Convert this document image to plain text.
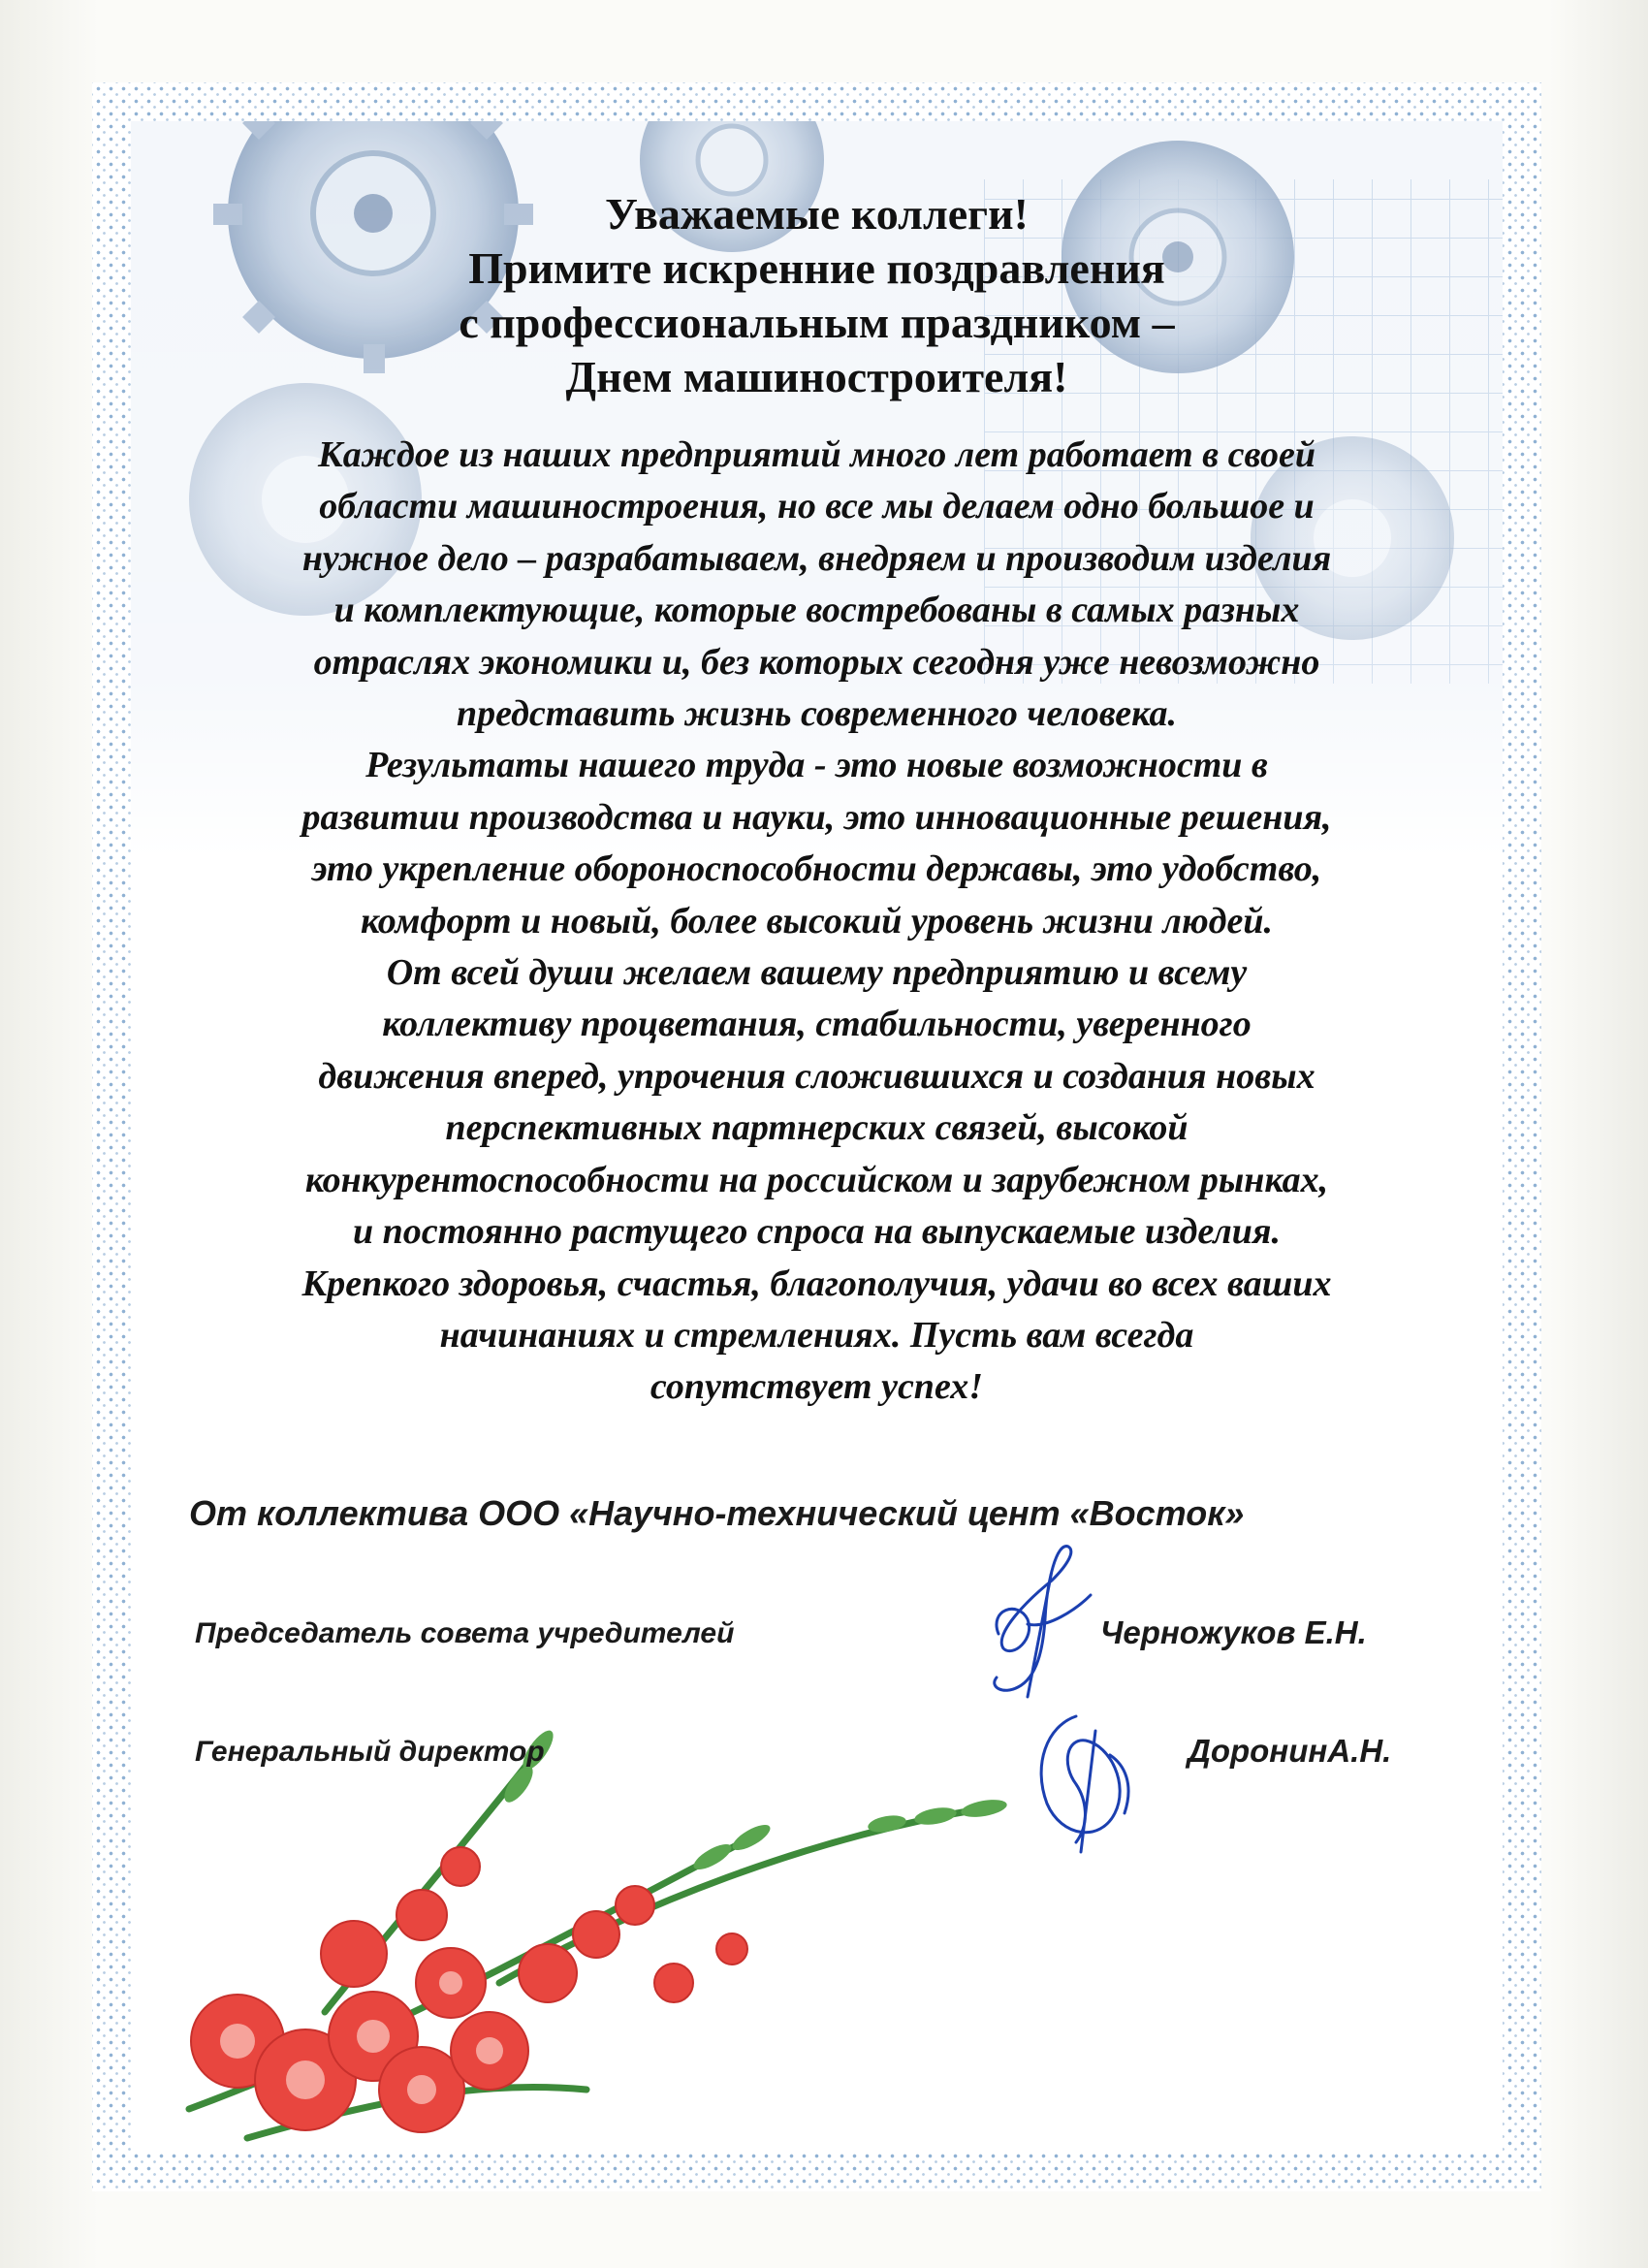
Уважаемые коллеги!
Примите искренние поздравления
с профессиональным праздником –
Днем машиностроителя!
Каждое из наших предприятий много лет работает в своей
области машиностроения, но все мы делаем одно большое и
нужное дело – разрабатываем, внедряем и производим изделия
и комплектующие, которые востребованы в самых разных
отраслях экономики и, без которых сегодня уже невозможно
представить жизнь современного человека.
Результаты нашего труда - это новые возможности в
развитии производства и науки, это инновационные решения,
это укрепление обороноспособности державы, это удобство,
комфорт и новый, более высокий уровень жизни людей.
От всей души желаем вашему предприятию и всему
коллективу процветания, стабильности, уверенного
движения вперед, упрочения сложившихся и создания новых
перспективных партнерских связей, высокой
конкурентоспособности на российском и зарубежном рынках,
и постоянно растущего спроса на выпускаемые изделия.
Крепкого здоровья, счастья, благополучия, удачи во всех ваших
начинаниях и стремлениях. Пусть вам всегда
сопутствует успех!
От коллектива ООО «Научно-технический цент «Восток»
Председатель совета учредителей	Черножуков Е.Н.
Генеральный директор	ДоронинА.Н.
